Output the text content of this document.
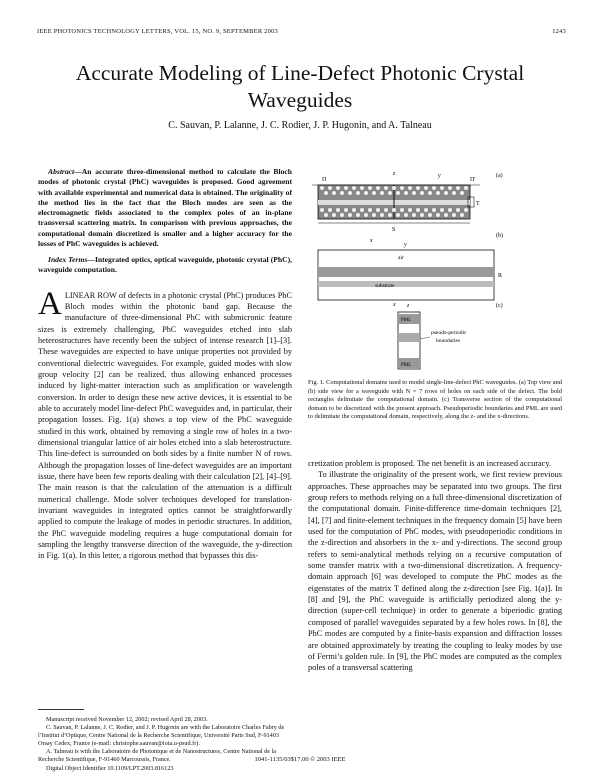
IEEE PHOTONICS TECHNOLOGY LETTERS, VOL. 15, NO. 9, SEPTEMBER 2003	1243
Accurate Modeling of Line-Defect Photonic Crystal Waveguides
C. Sauvan, P. Lalanne, J. C. Rodier, J. P. Hugonin, and A. Talneau

Abstract—An accurate three-dimensional method to calculate the Bloch modes of photonic crystal (PhC) waveguides is proposed. Good agreement with available experimental and numerical data is obtained. The originality of the method lies in the fact that the Bloch modes are seen as the electromagnetic fields associated to the complex poles of an in-plane transversal scattering matrix. In comparison with previous approaches, the computational domain discretized is smaller and a higher accuracy for the losses of PhC waveguides is achieved.

Index Terms—Integrated optics, optical waveguide, photonic crystal (PhC), waveguide computation.

ALINEAR ROW of defects in a photonic crystal (PhC) produces PhC Bloch modes within the photonic band gap. Because the manufacture of three-dimensional PhC with submicronic feature sizes is extremely challenging, PhC waveguides etched into slab heterostructures have recently been the subject of intense research [1]–[3]. These waveguides are expected to have unique properties not provided by conventional dielectric waveguides. For example, guided modes with slow group velocity [2] can be realized, thus allowing enhanced processes induced by light-matter interaction such as amplification or wavelength conversion. In order to design these new active devices, it is essential to be able to accurately model line-defect PhC waveguides and, in particular, their propagation losses. Fig. 1(a) shows a top view of the PhC waveguide studied in this work, obtained by removing a single row of holes in a two-dimensional triangular lattice of air holes etched into a slab heterostructure. This line-defect is surrounded on both sides by a finite number N of rows. Although the propagation losses of line-defect waveguides are an important issue, there have been few reports dealing with their calculation [2], [4]–[9]. The main reason is that the calculation of the attenuation is a difficult numerical challenge. Mode solver techniques developed for translation-invariant waveguides in integrated optics cannot be straightforwardly applied to compute the leakage of modes in periodic structures. In addition, the PhC waveguide modeling requires a huge computational domain for sampling the lengthy transverse direction of the waveguide, the y-direction in Fig. 1(a). In this letter, a rigorous method that bypasses this dis-

Manuscript received November 12, 2002; revised April 28, 2003.

C. Sauvan, P. Lalanne, J. C. Rodier, and J. P. Hugonin are with the Laboratoire Charles Fabry de l’Institut d’Optique, Centre National de la Recherche Scientifique, Université Paris Sud, F-91403 Orsay Cedex, France (e-mail: christophe.sauvan@iota.u-psud.fr).

A. Talneau is with the Laboratoire de Photonique et de Nanostructures, Centre National de la Recherche Scientifique, F-91460 Marcoussis, France.

Digital Object Identifier 10.1109/LPT.2003.816123

Π	Π'
z	y
T
S
(a)
(b)
x
y
air
substrate
R
(c)
x z
PML
PML
pseudo-periodic
boundaries
Fig. 1. Computational domains used to model single-line-defect PhC waveguides. (a) Top view and (b) side view for a waveguide with N = 7 rows of holes on each side of the defect. The bold rectangles delimitate the computational domain. (c) Transverse section of the computational domain to be discretized with the present approach. Pseudoperiodic boundaries and PML are used to delimitate the computational domain, respectively, along the z- and the x-directions.

cretization problem is proposed. The net benefit is an increased accuracy.

To illustrate the originality of the present work, we first review previous approaches. These approaches may be separated into two groups. The first group refers to methods relying on a full three-dimensional discretization of the computational domain. Finite-difference time-domain techniques [2], [4], [7] and finite-element techniques in the frequency domain [5] have been used for the computation of PhC modes, with pseudoperiodic conditions in the z-direction and absorbers in the x- and y-directions. The second group refers to semi-analytical methods relying on a recursive computation of some transfer matrix with a two-dimensional discretization. A frequency-domain approach [6] was developed to compute the PhC modes as the eigenstates of the matrix T defined along the z-direction [see Fig. 1(a)]. In [8] and [9], the PhC waveguide is artificially periodized along the y-direction (super-cell technique) in order to generate a biperiodic grating composed of parallel waveguides separated by a few holes rows. In [8], the PhC modes are computed by a finite-basis expansion and diffraction losses are obtained approximately by treating the coupling to leaky modes by use of Fermi’s golden rule. In [9], the PhC modes are computed as the complex poles of a transversal scattering

1041-1135/03$17.00 © 2003 IEEE
